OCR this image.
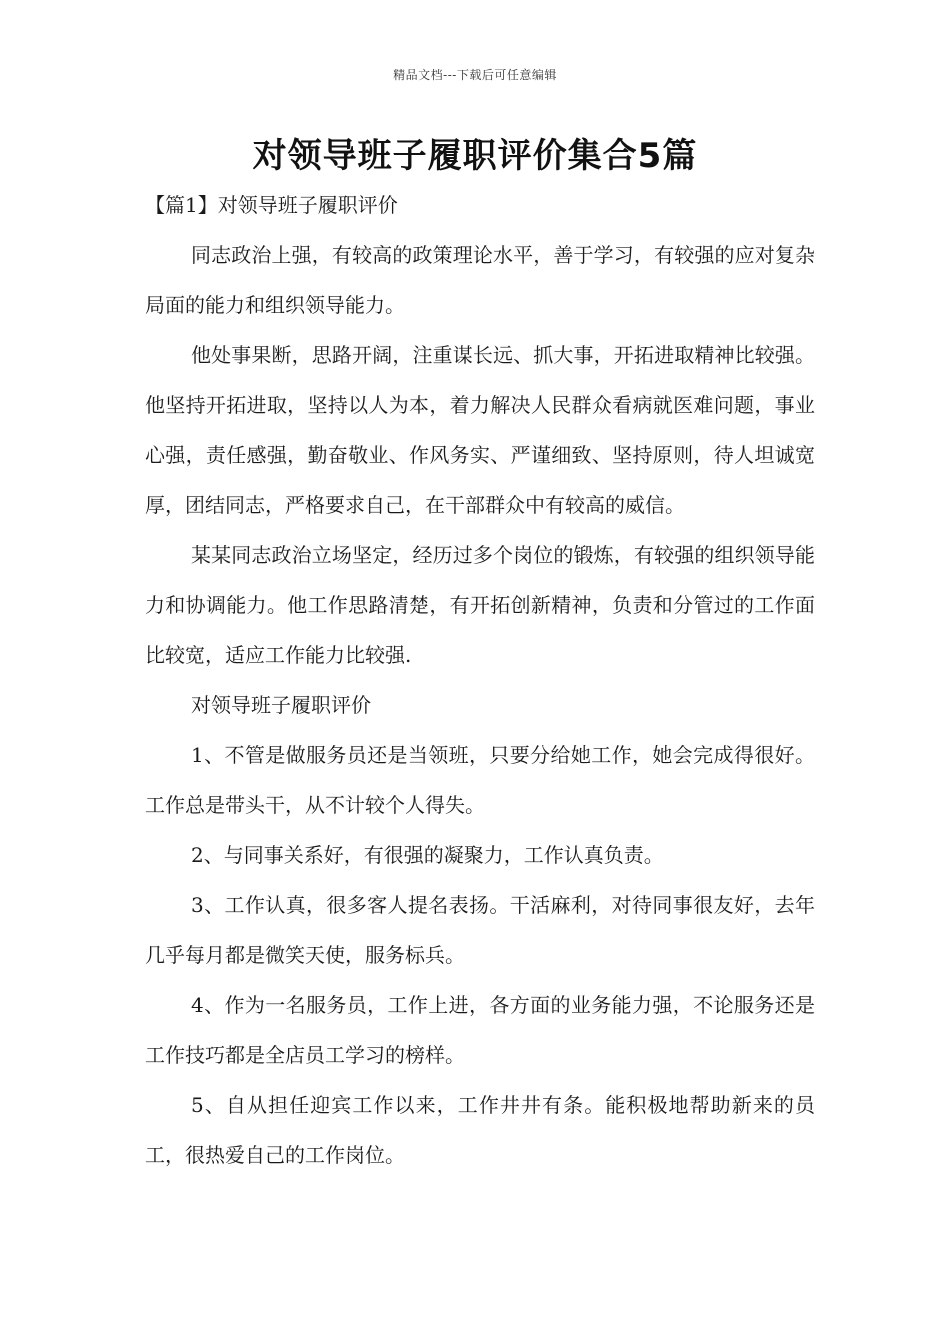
精品文档---下载后可任意编辑
对领导班子履职评价集合5篇

【篇1】对领导班子履职评价

同志政治上强，有较高的政策理论水平，善于学习，有较强的应对复杂局面的能力和组织领导能力。

他处事果断，思路开阔，注重谋长远、抓大事，开拓进取精神比较强。他坚持开拓进取，坚持以人为本，着力解决人民群众看病就医难问题，事业心强，责任感强，勤奋敬业、作风务实、严谨细致、坚持原则，待人坦诚宽厚，团结同志，严格要求自己，在干部群众中有较高的威信。

某某同志政治立场坚定，经历过多个岗位的锻炼，有较强的组织领导能力和协调能力。他工作思路清楚，有开拓创新精神，负责和分管过的工作面比较宽，适应工作能力比较强.

对领导班子履职评价

1、不管是做服务员还是当领班，只要分给她工作，她会完成得很好。工作总是带头干，从不计较个人得失。

2、与同事关系好，有很强的凝聚力，工作认真负责。

3、工作认真，很多客人提名表扬。干活麻利，对待同事很友好，去年几乎每月都是微笑天使，服务标兵。

4、作为一名服务员，工作上进，各方面的业务能力强，不论服务还是工作技巧都是全店员工学习的榜样。

5、自从担任迎宾工作以来，工作井井有条。能积极地帮助新来的员工，很热爱自己的工作岗位。
